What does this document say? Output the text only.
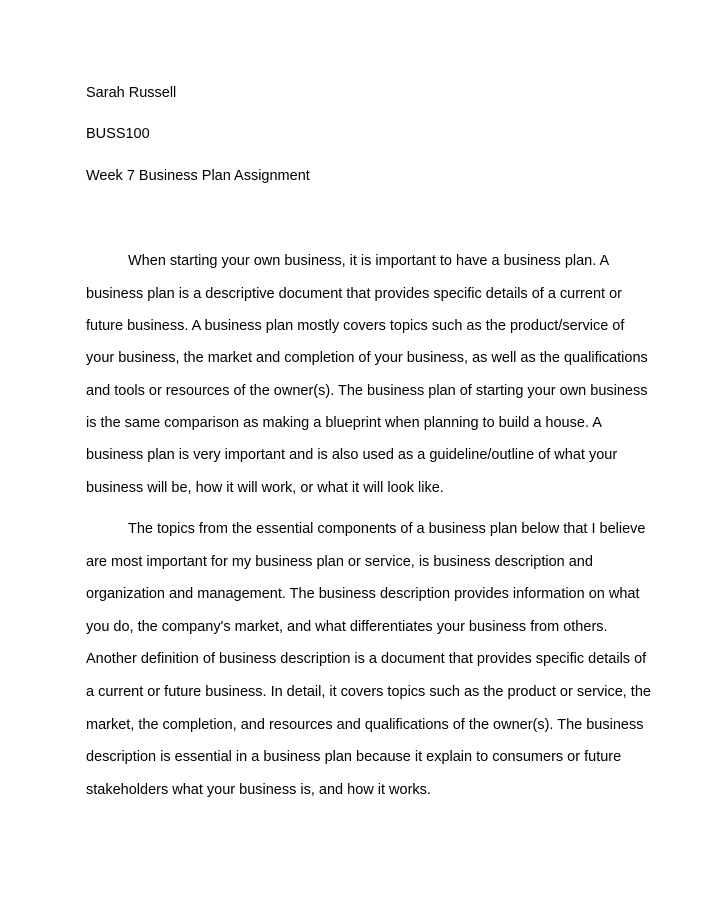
Sarah Russell
BUSS100
Week 7 Business Plan Assignment
When starting your own business, it is important to have a business plan. A
business plan is a descriptive document that provides specific details of a current or
future business. A business plan mostly covers topics such as the product/service of
your business, the market and completion of your business, as well as the qualifications
and tools or resources of the owner(s). The business plan of starting your own business
is the same comparison as making a blueprint when planning to build a house. A
business plan is very important and is also used as a guideline/outline of what your
business will be, how it will work, or what it will look like.
The topics from the essential components of a business plan below that I believe
are most important for my business plan or service, is business description and
organization and management. The business description provides information on what
you do, the company's market, and what differentiates your business from others.
Another definition of business description is a document that provides specific details of
a current or future business. In detail, it covers topics such as the product or service, the
market, the completion, and resources and qualifications of the owner(s). The business
description is essential in a business plan because it explain to consumers or future
stakeholders what your business is, and how it works.
